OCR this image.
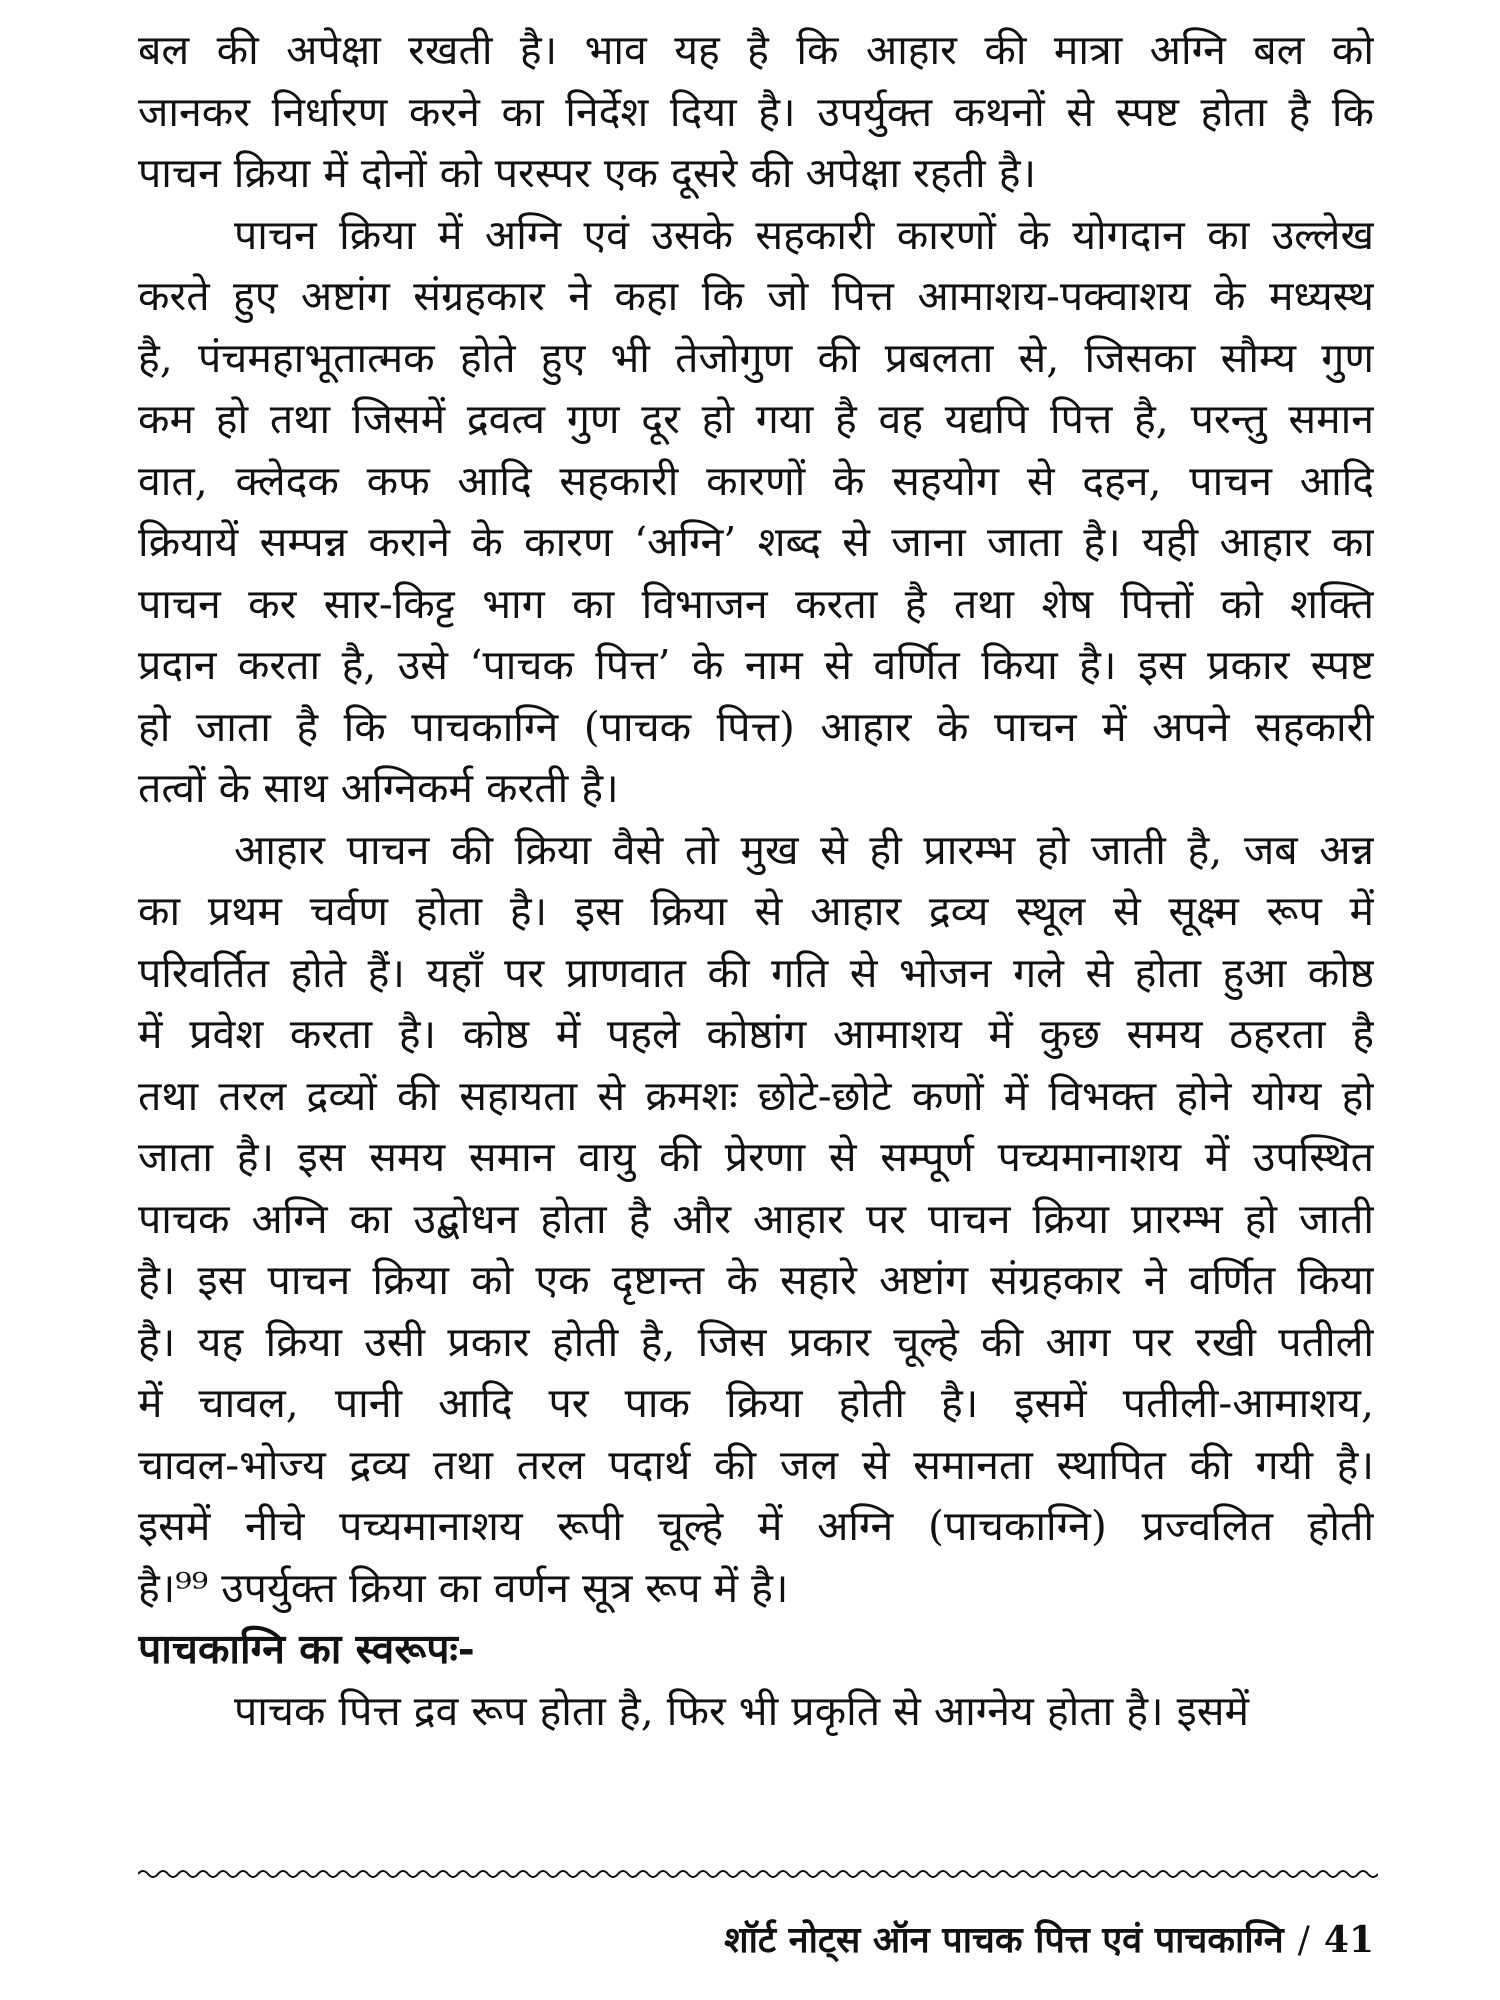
बल की अपेक्षा रखती है। भाव यह है कि आहार की मात्रा अग्नि बल को
जानकर निर्धारण करने का निर्देश दिया है। उपर्युक्त कथनों से स्पष्ट होता है कि
पाचन क्रिया में दोनों को परस्पर एक दूसरे की अपेक्षा रहती है।
पाचन क्रिया में अग्नि एवं उसके सहकारी कारणों के योगदान का उल्लेख
करते हुए अष्टांग संग्रहकार ने कहा कि जो पित्त आमाशय-पक्वाशय के मध्यस्थ
है, पंचमहाभूतात्मक होते हुए भी तेजोगुण की प्रबलता से, जिसका सौम्य गुण
कम हो तथा जिसमें द्रवत्व गुण दूर हो गया है वह यद्यपि पित्त है, परन्तु समान
वात, क्लेदक कफ आदि सहकारी कारणों के सहयोग से दहन, पाचन आदि
क्रियायें सम्पन्न कराने के कारण ‘अग्नि’ शब्द से जाना जाता है। यही आहार का
पाचन कर सार-किट्ट भाग का विभाजन करता है तथा शेष पित्तों को शक्ति
प्रदान करता है, उसे ‘पाचक पित्त’ के नाम से वर्णित किया है। इस प्रकार स्पष्ट
हो जाता है कि पाचकाग्नि (पाचक पित्त) आहार के पाचन में अपने सहकारी
तत्वों के साथ अग्निकर्म करती है।
आहार पाचन की क्रिया वैसे तो मुख से ही प्रारम्भ हो जाती है, जब अन्न
का प्रथम चर्वण होता है। इस क्रिया से आहार द्रव्य स्थूल से सूक्ष्म रूप में
परिवर्तित होते हैं। यहाँ पर प्राणवात की गति से भोजन गले से होता हुआ कोष्ठ
में प्रवेश करता है। कोष्ठ में पहले कोष्ठांग आमाशय में कुछ समय ठहरता है
तथा तरल द्रव्यों की सहायता से क्रमशः छोटे-छोटे कणों में विभक्त होने योग्य हो
जाता है। इस समय समान वायु की प्रेरणा से सम्पूर्ण पच्यमानाशय में उपस्थित
पाचक अग्नि का उद्बोधन होता है और आहार पर पाचन क्रिया प्रारम्भ हो जाती
है। इस पाचन क्रिया को एक दृष्टान्त के सहारे अष्टांग संग्रहकार ने वर्णित किया
है। यह क्रिया उसी प्रकार होती है, जिस प्रकार चूल्हे की आग पर रखी पतीली
में चावल, पानी आदि पर पाक क्रिया होती है। इसमें पतीली-आमाशय,
चावल-भोज्य द्रव्य तथा तरल पदार्थ की जल से समानता स्थापित की गयी है।
इसमें नीचे पच्यमानाशय रूपी चूल्हे में अग्नि (पाचकाग्नि) प्रज्वलित होती
है।⁹⁹ उपर्युक्त क्रिया का वर्णन सूत्र रूप में है।
पाचकाग्नि का स्वरूपः-
पाचक पित्त द्रव रूप होता है, फिर भी प्रकृति से आग्नेय होता है। इसमें
शॉर्ट नोट्स ऑन पाचक पित्त एवं पाचकाग्नि / 41
